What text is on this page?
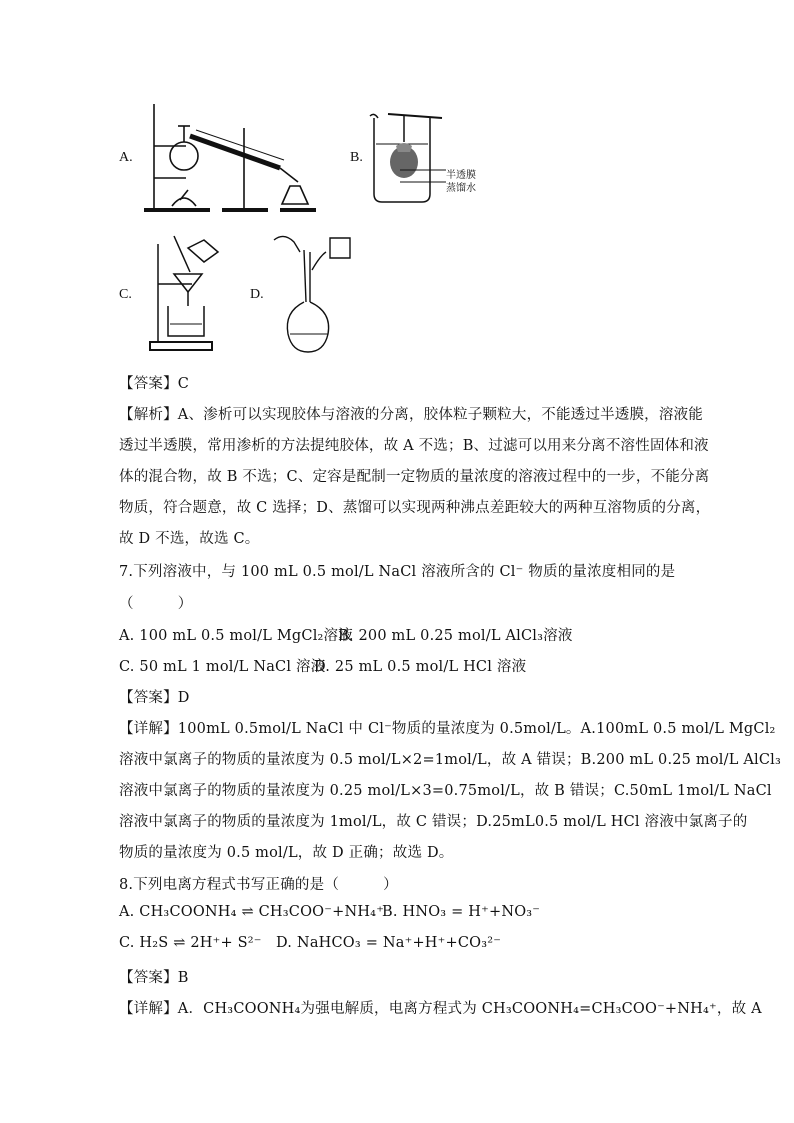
A.	B.
半透膜
蒸馏水
C.	D.
【答案】C
【解析】A、渗析可以实现胶体与溶液的分离，胶体粒子颗粒大，不能透过半透膜，溶液能
透过半透膜，常用渗析的方法提纯胶体，故 A 不选；B、过滤可以用来分离不溶性固体和液
体的混合物，故 B 不选；C、定容是配制一定物质的量浓度的溶液过程中的一步，不能分离
物质，符合题意，故 C 选择；D、蒸馏可以实现两种沸点差距较大的两种互溶物质的分离，
故 D 不选，故选 C。
7.下列溶液中，与 100 mL 0.5 mol/L NaCl 溶液所含的 Cl⁻ 物质的量浓度相同的是
（　　　）
A. 100 mL 0.5 mol/L MgCl₂溶液
B. 200 mL 0.25 mol/L AlCl₃溶液
C. 50 mL 1 mol/L NaCl 溶液
D. 25 mL 0.5 mol/L HCl 溶液
【答案】D
【详解】100mL 0.5mol/L NaCl 中 Cl⁻物质的量浓度为 0.5mol/L。A.100mL 0.5 mol/L MgCl₂
溶液中氯离子的物质的量浓度为 0.5 mol/L×2=1mol/L，故 A 错误；B.200 mL 0.25 mol/L AlCl₃
溶液中氯离子的物质的量浓度为 0.25 mol/L×3=0.75mol/L，故 B 错误；C.50mL 1mol/L NaCl
溶液中氯离子的物质的量浓度为 1mol/L，故 C 错误；D.25mL0.5 mol/L HCl 溶液中氯离子的
物质的量浓度为 0.5 mol/L，故 D 正确；故选 D。
8.下列电离方程式书写正确的是（　　　）
A. CH₃COONH₄ ⇌ CH₃COO⁻+NH₄⁺
B. HNO₃ = H⁺+NO₃⁻
C. H₂S ⇌ 2H⁺+ S²⁻ D. NaHCO₃ = Na⁺+H⁺+CO₃²⁻
【答案】B
【详解】A．CH₃COONH₄为强电解质，电离方程式为 CH₃COONH₄=CH₃COO⁻+NH₄⁺，故 A
